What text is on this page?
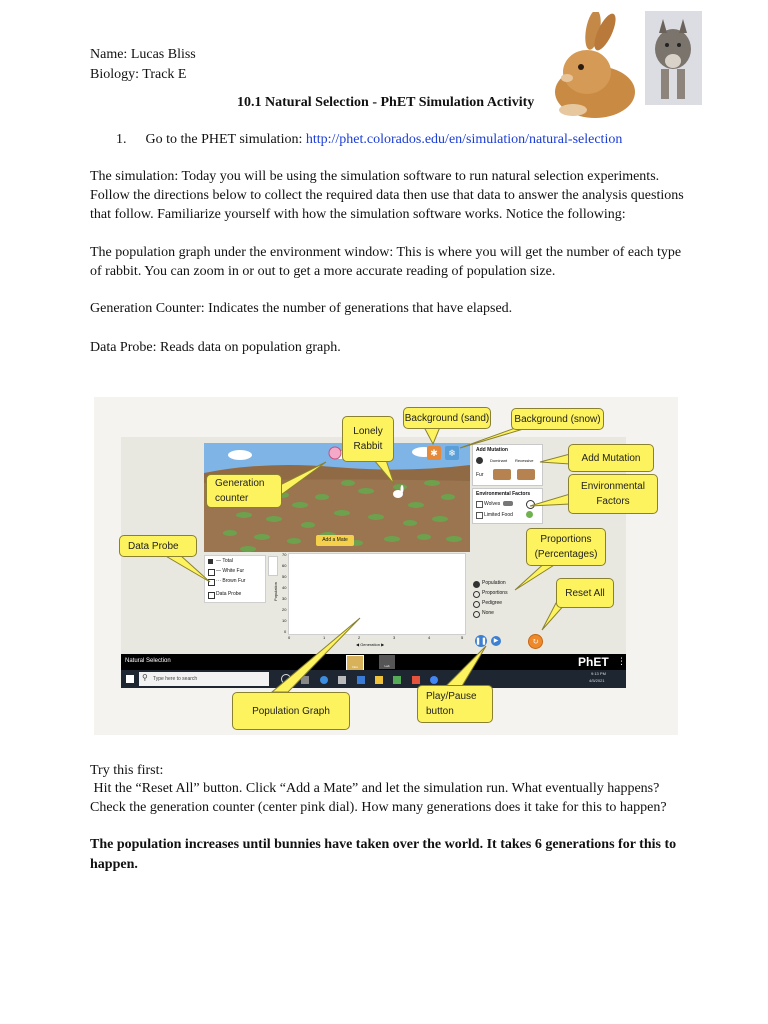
Name: Lucas Bliss
Biology: Track E
10.1 Natural Selection - PhET Simulation Activity
1. Go to the PHET simulation: http://phet.colorados.edu/en/simulation/natural-selection
The simulation: Today you will be using the simulation software to run natural selection experiments.
Follow the directions below to collect the required data then use that data to answer the analysis questions
that follow. Familiarize yourself with how the simulation software works. Notice the following:
The population graph under the environment window: This is where you will get the number of each type
of rabbit. You can zoom in or out to get a more accurate reading of population size.
Generation Counter: Indicates the number of generations that have elapsed.
Data Probe: Reads data on population graph.
Add a Mate
✱	❄	Add Mutation
Dominant Recessive
Fur
Environmental Factors
Wolves
Limited Food
— Total
— White Fur
··· Brown Fur
Data Probe	Population
70
60
50
40
30
20
10
0
0	1	2	3	4	5
◀ Generation ▶
Population
Proportions
Pedigree
None
❚❚	▶	↻
Natural Selection
Intro	Lab	PhET ⋮
⚲ Type here to search

9:13 PM
4/5/2021
Lonely
Rabbit
Background (sand)	Background (snow)
Generation
counter
Add Mutation
Environmental
Factors
Data Probe
Proportions
(Percentages)
Reset All
Population Graph
Play/Pause
button
Try this first:
Hit the “Reset All” button. Click “Add a Mate” and let the simulation run. What eventually happens?
Check the generation counter (center pink dial). How many generations does it take for this to happen?
The population increases until bunnies have taken over the world. It takes 6 generations for this to
happen.
